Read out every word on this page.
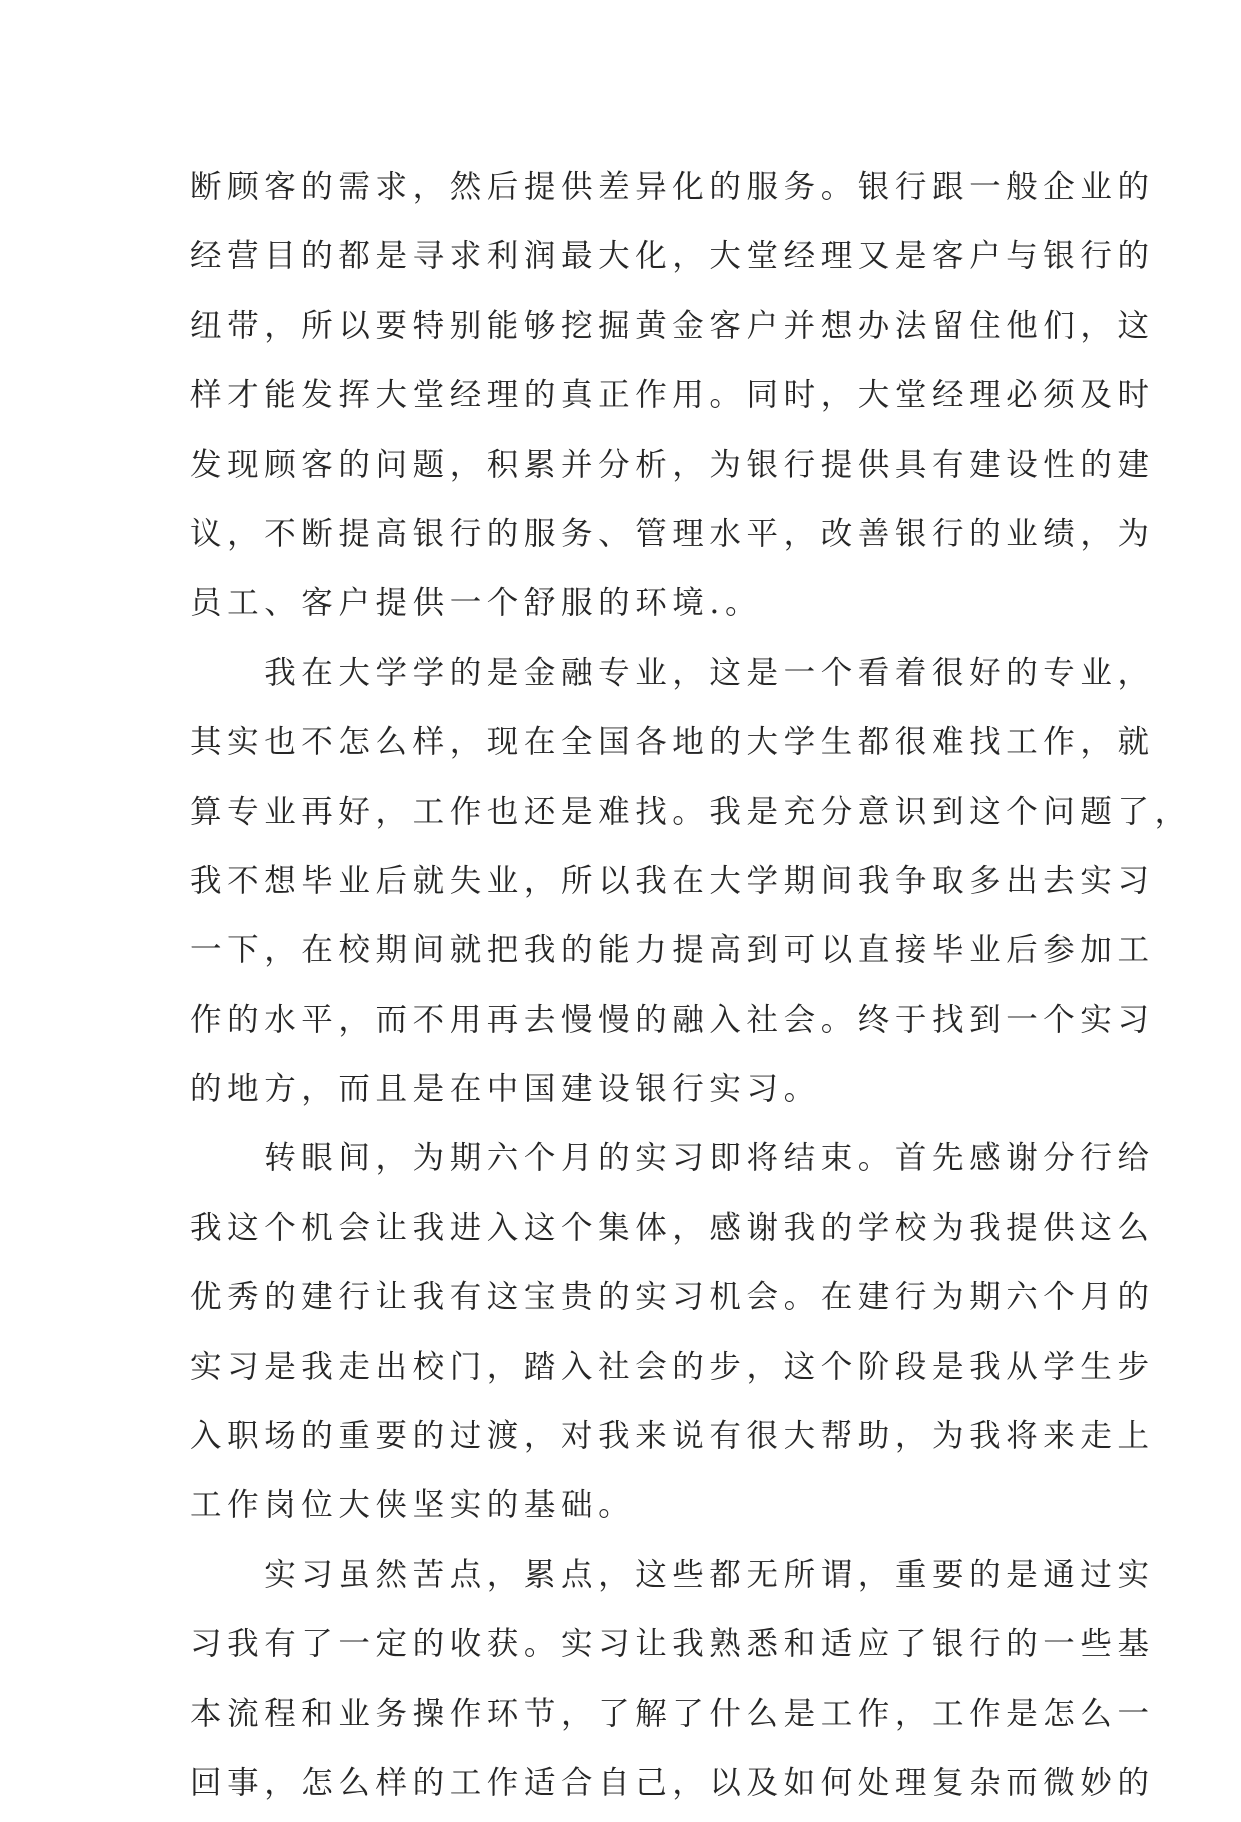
断顾客的需求，然后提供差异化的服务。银行跟一般企业的
经营目的都是寻求利润最大化，大堂经理又是客户与银行的
纽带，所以要特别能够挖掘黄金客户并想办法留住他们，这
样才能发挥大堂经理的真正作用。同时，大堂经理必须及时
发现顾客的问题，积累并分析，为银行提供具有建设性的建
议，不断提高银行的服务、管理水平，改善银行的业绩，为
员工、客户提供一个舒服的环境.。
　　我在大学学的是金融专业，这是一个看着很好的专业，
其实也不怎么样，现在全国各地的大学生都很难找工作，就
算专业再好，工作也还是难找。我是充分意识到这个问题了，
我不想毕业后就失业，所以我在大学期间我争取多出去实习
一下，在校期间就把我的能力提高到可以直接毕业后参加工
作的水平，而不用再去慢慢的融入社会。终于找到一个实习
的地方，而且是在中国建设银行实习。
　　转眼间，为期六个月的实习即将结束。首先感谢分行给
我这个机会让我进入这个集体，感谢我的学校为我提供这么
优秀的建行让我有这宝贵的实习机会。在建行为期六个月的
实习是我走出校门，踏入社会的步，这个阶段是我从学生步
入职场的重要的过渡，对我来说有很大帮助，为我将来走上
工作岗位大侠坚实的基础。
　　实习虽然苦点，累点，这些都无所谓，重要的是通过实
习我有了一定的收获。实习让我熟悉和适应了银行的一些基
本流程和业务操作环节，了解了什么是工作，工作是怎么一
回事，怎么样的工作适合自己，以及如何处理复杂而微妙的
